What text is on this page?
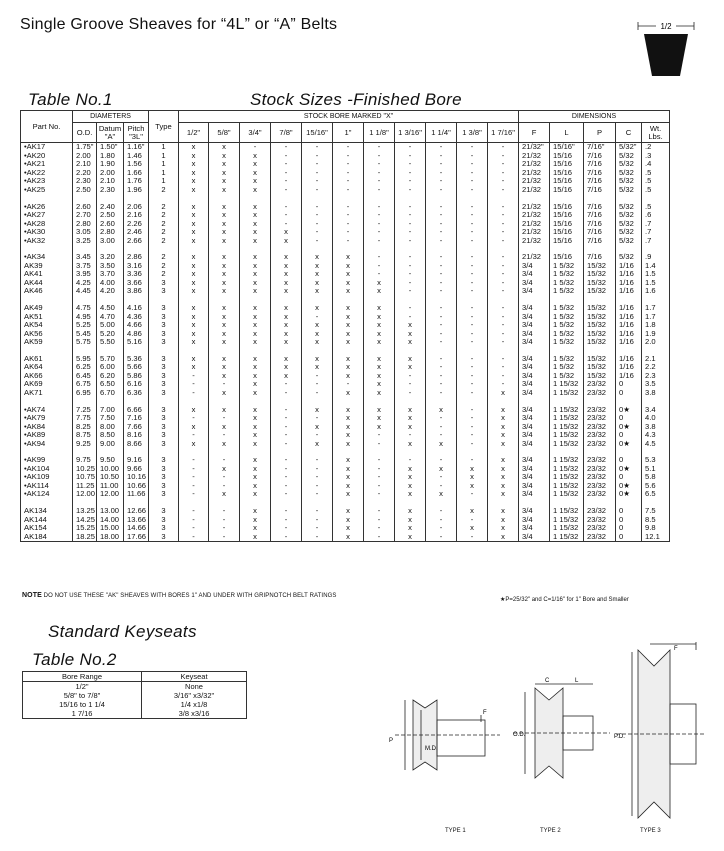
Single Groove Sheaves for “4L” or “A” Belts	1/2
Table No.1	Stock Sizes -Finished Bore
Part No.	DIAMETERS			Type	STOCK BORE MARKED "X"											DIMENSIONS				
	O.D.	Datum "A"	Pitch "3L"		1/2"	5/8"	3/4"	7/8"	15/16"	1"	1 1/8"	1 3/16"	1 1/4"	1 3/8"	1 7/16"	F	L	P	C	Wt. Lbs.
•AK17	1.75"	1.50"	1.16"	1	x	x	-	-	-	-	-	-	-	-	-	21/32"	15/16"	7/16"	5/32"	.2
•AK20	2.00	1.80	1.46	1	x	x	x	-	-	-	-	-	-	-	-	21/32	15/16	7/16	5/32	.3
•AK21	2.10	1.90	1.56	1	x	x	x	-	-	-	-	-	-	-	-	21/32	15/16	7/16	5/32	.4
•AK22	2.20	2.00	1.66	1	x	x	x	-	-	-	-	-	-	-	-	21/32	15/16	7/16	5/32	.5
•AK23	2.30	2.10	1.76	1	x	x	x	-	-	-	-	-	-	-	-	21/32	15/16	7/16	5/32	.5
•AK25	2.50	2.30	1.96	2	x	x	x	-	-	-	-	-	-	-	-	21/32	15/16	7/16	5/32	.5

•AK26	2.60	2.40	2.06	2	x	x	x	-	-	-	-	-	-	-	-	21/32	15/16	7/16	5/32	.5
•AK27	2.70	2.50	2.16	2	x	x	x	-	-	-	-	-	-	-	-	21/32	15/16	7/16	5/32	.6
•AK28	2.80	2.60	2.26	2	x	x	x	-	-	-	-	-	-	-	-	21/32	15/16	7/16	5/32	.7
•AK30	3.05	2.80	2.46	2	x	x	x	x	-	-	-	-	-	-	-	21/32	15/16	7/16	5/32	.7
•AK32	3.25	3.00	2.66	2	x	x	x	x	-	-	-	-	-	-	-	21/32	15/16	7/16	5/32	.7

•AK34	3.45	3.20	2.86	2	x	x	x	x	x	x	-	-	-	-	-	21/32	15/16	7/16	5/32	.9
AK39	3.75	3.50	3.16	2	x	x	x	x	x	x	-	-	-	-	-	3/4	1 5/32	15/32	1/16	1.4
AK41	3.95	3.70	3.36	2	x	x	x	x	x	x	-	-	-	-	-	3/4	1 5/32	15/32	1/16	1.5
AK44	4.25	4.00	3.66	3	x	x	x	x	x	x	x	-	-	-	-	3/4	1 5/32	15/32	1/16	1.5
AK46	4.45	4.20	3.86	3	x	x	x	x	x	x	x	-	-	-	-	3/4	1 5/32	15/32	1/16	1.6

AK49	4.75	4.50	4.16	3	x	x	x	x	x	x	x	-	-	-	-	3/4	1 5/32	15/32	1/16	1.7
AK51	4.95	4.70	4.36	3	x	x	x	x	-	x	x	-	-	-	-	3/4	1 5/32	15/32	1/16	1.7
AK54	5.25	5.00	4.66	3	x	x	x	x	x	x	x	x	-	-	-	3/4	1 5/32	15/32	1/16	1.8
AK56	5.45	5.20	4.86	3	x	x	x	x	x	x	x	x	-	-	-	3/4	1 5/32	15/32	1/16	1.9
AK59	5.75	5.50	5.16	3	x	x	x	x	x	x	x	x	-	-	-	3/4	1 5/32	15/32	1/16	2.0

AK61	5.95	5.70	5.36	3	x	x	x	x	x	x	x	x	-	-	-	3/4	1 5/32	15/32	1/16	2.1
AK64	6.25	6.00	5.66	3	x	x	x	x	x	x	x	x	-	-	-	3/4	1 5/32	15/32	1/16	2.2
AK66	6.45	6.20	5.86	3	-	x	x	x	-	x	x	-	-	-	-	3/4	1 5/32	15/32	1/16	2.3
AK69	6.75	6.50	6.16	3	-	-	x	-	-	-	x	-	-	-	-	3/4	1 15/32	23/32	0	3.5
AK71	6.95	6.70	6.36	3	-	x	x	-	-	x	x	-	-	-	x	3/4	1 15/32	23/32	0	3.8

•AK74	7.25	7.00	6.66	3	x	x	x	-	x	x	x	x	x	-	x	3/4	1 15/32	23/32	0★	3.4
•AK79	7.75	7.50	7.16	3	-	-	x	-	-	x	x	x	-	-	x	3/4	1 15/32	23/32	0	4.0
•AK84	8.25	8.00	7.66	3	x	x	x	-	x	x	x	x	-	-	x	3/4	1 15/32	23/32	0★	3.8
•AK89	8.75	8.50	8.16	3	-	-	x	-	-	x	-	-	-	-	x	3/4	1 15/32	23/32	0	4.3
•AK94	9.25	9.00	8.66	3	x	x	x	-	x	x	-	x	x	-	x	3/4	1 15/32	23/32	0★	4.5

•AK99	9.75	9.50	9.16	3	-	-	x	-	-	x	-	-	-	-	x	3/4	1 15/32	23/32	0	5.3
•AK104	10.25	10.00	9.66	3	-	x	x	-	-	x	-	x	x	x	x	3/4	1 15/32	23/32	0★	5.1
•AK109	10.75	10.50	10.16	3	-	-	x	-	-	x	-	x	-	x	x	3/4	1 15/32	23/32	0	5.8
•AK114	11.25	11.00	10.66	3	-	-	x	-	-	x	-	x	-	x	x	3/4	1 15/32	23/32	0★	5.6
•AK124	12.00	12.00	11.66	3	-	x	x	-	-	x	-	x	x	-	x	3/4	1 15/32	23/32	0★	6.5

AK134	13.25	13.00	12.66	3	-	-	x	-	-	x	-	x	-	x	x	3/4	1 15/32	23/32	0	7.5
AK144	14.25	14.00	13.66	3	-	-	x	-	-	x	-	x	-	-	x	3/4	1 15/32	23/32	0	8.5
AK154	15.25	15.00	14.66	3	-	-	x	-	-	x	-	x	-	x	x	3/4	1 15/32	23/32	0	9.8
AK184	18.25	18.00	17.66	3	-	-	x	-	-	x	-	x	-	-	x	3/4	1 15/32	23/32	0	12.1
NOTE DO NOT USE THESE "AK" SHEAVES WITH BORES 1" AND UNDER WITH GRIPNOTCH BELT RATINGS
★P=25/32" and C=1/16" for 1" Bore and Smaller
Standard Keyseats
Table No.2
Bore Range	Keyseat
1/2"	None
5/8" to 7/8"	3/16" x3/32"
15/16 to 1 1/4	1/4 x1/8
1 7/16	3/8 x3/16
P
M.D.
F
TYPE 1
O.D.
C	L
TYPE 2
P.D.
F
TYPE 3
